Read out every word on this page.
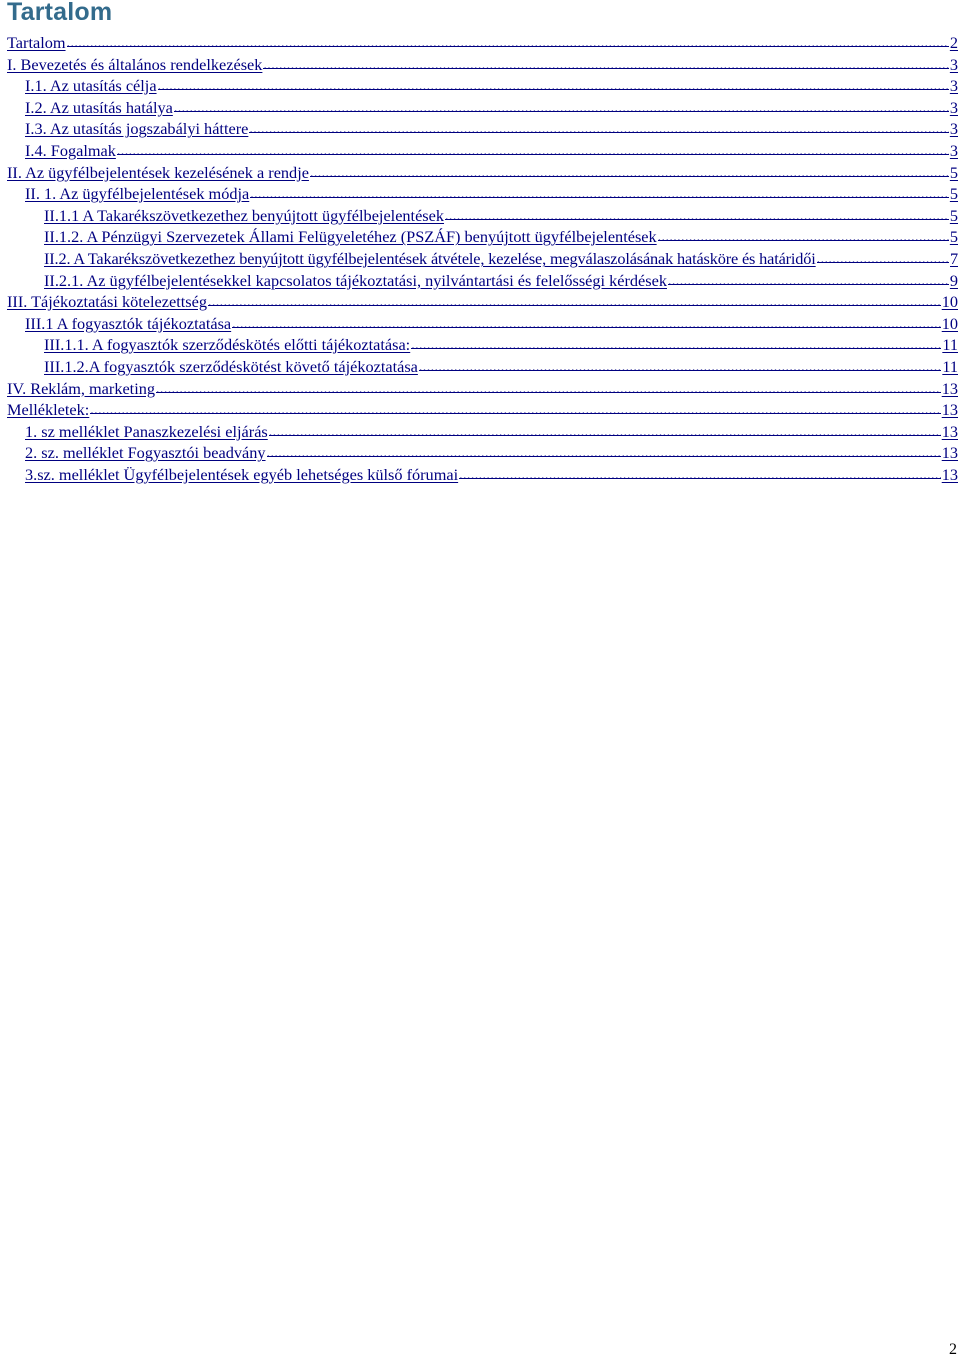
Tartalom
Tartalom .....	2
I. Bevezetés és általános rendelkezések .....	3
I.1. Az utasítás célja .....	3
I.2. Az utasítás hatálya .....	3
I.3. Az utasítás jogszabályi háttere .....	3
I.4. Fogalmak .....	3
II. Az ügyfélbejelentések kezelésének a rendje .....	5
II. 1. Az ügyfélbejelentések módja .....	5
II.1.1 A Takarékszövetkezethez benyújtott ügyfélbejelentések .....	5
II.1.2. A Pénzügyi Szervezetek Állami Felügyeletéhez (PSZÁF) benyújtott ügyfélbejelentések .....	5
II.2. A Takarékszövetkezethez benyújtott ügyfélbejelentések átvétele, kezelése, megválaszolásának hatásköre és határidői .....	7
II.2.1. Az ügyfélbejelentésekkel kapcsolatos tájékoztatási, nyilvántartási és felelősségi kérdések .....	9
III. Tájékoztatási kötelezettség .....	10
III.1 A fogyasztók tájékoztatása .....	10
III.1.1. A fogyasztók szerződéskötés előtti tájékoztatása: .....	11
III.1.2.A fogyasztók szerződéskötést követő tájékoztatása .....	11
IV. Reklám, marketing .....	13
Mellékletek: .....	13
1. sz melléklet Panaszkezelési eljárás .....	13
2. sz. melléklet Fogyasztói beadvány .....	13
3.sz. melléklet Ügyfélbejelentések egyéb lehetséges külső fórumai .....	13
2
